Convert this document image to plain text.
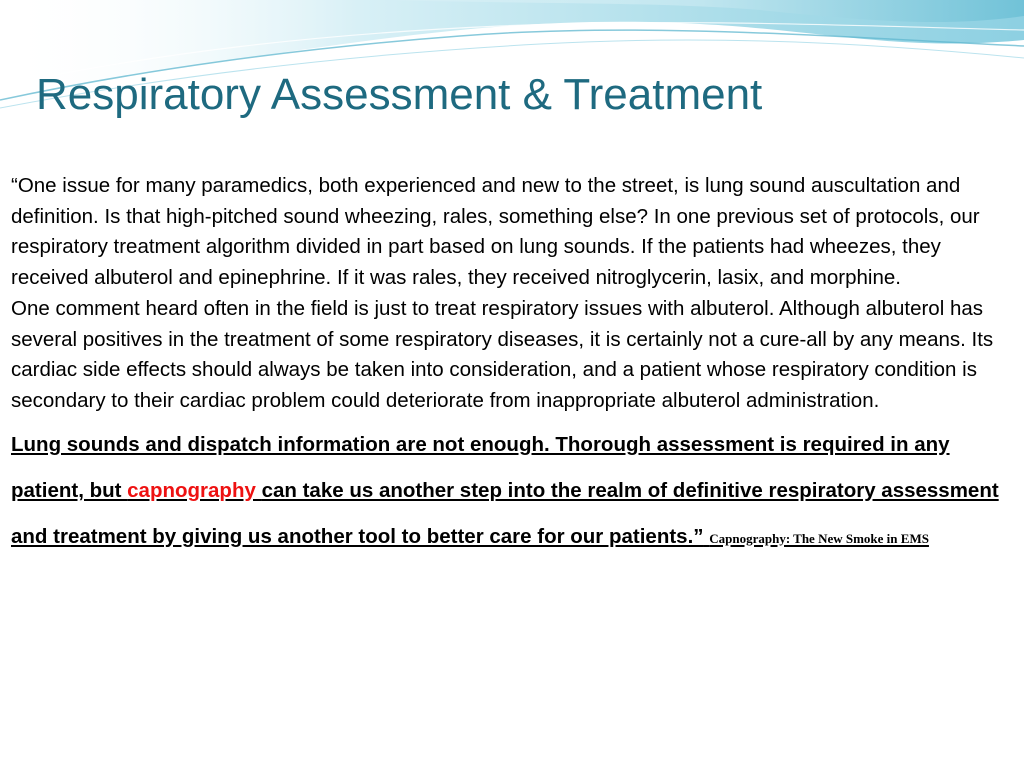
Respiratory Assessment & Treatment

“One issue for many paramedics, both experienced and new to the street, is lung sound auscultation and definition. Is that high-pitched sound wheezing, rales, something else? In one previous set of protocols, our respiratory treatment algorithm divided in part based on lung sounds. If the patients had wheezes, they received albuterol and epinephrine. If it was rales, they received nitroglycerin, lasix, and morphine.

One comment heard often in the field is just to treat respiratory issues with albuterol. Although albuterol has several positives in the treatment of some respiratory diseases, it is certainly not a cure-all by any means. Its cardiac side effects should always be taken into consideration, and a patient whose respiratory condition is secondary to their cardiac problem could deteriorate from inappropriate albuterol administration.

Lung sounds and dispatch information are not enough. Thorough assessment is required in any patient, but capnography can take us another step into the realm of definitive respiratory assessment and treatment by giving us another tool to better care for our patients.” Capnography: The New Smoke in EMS
